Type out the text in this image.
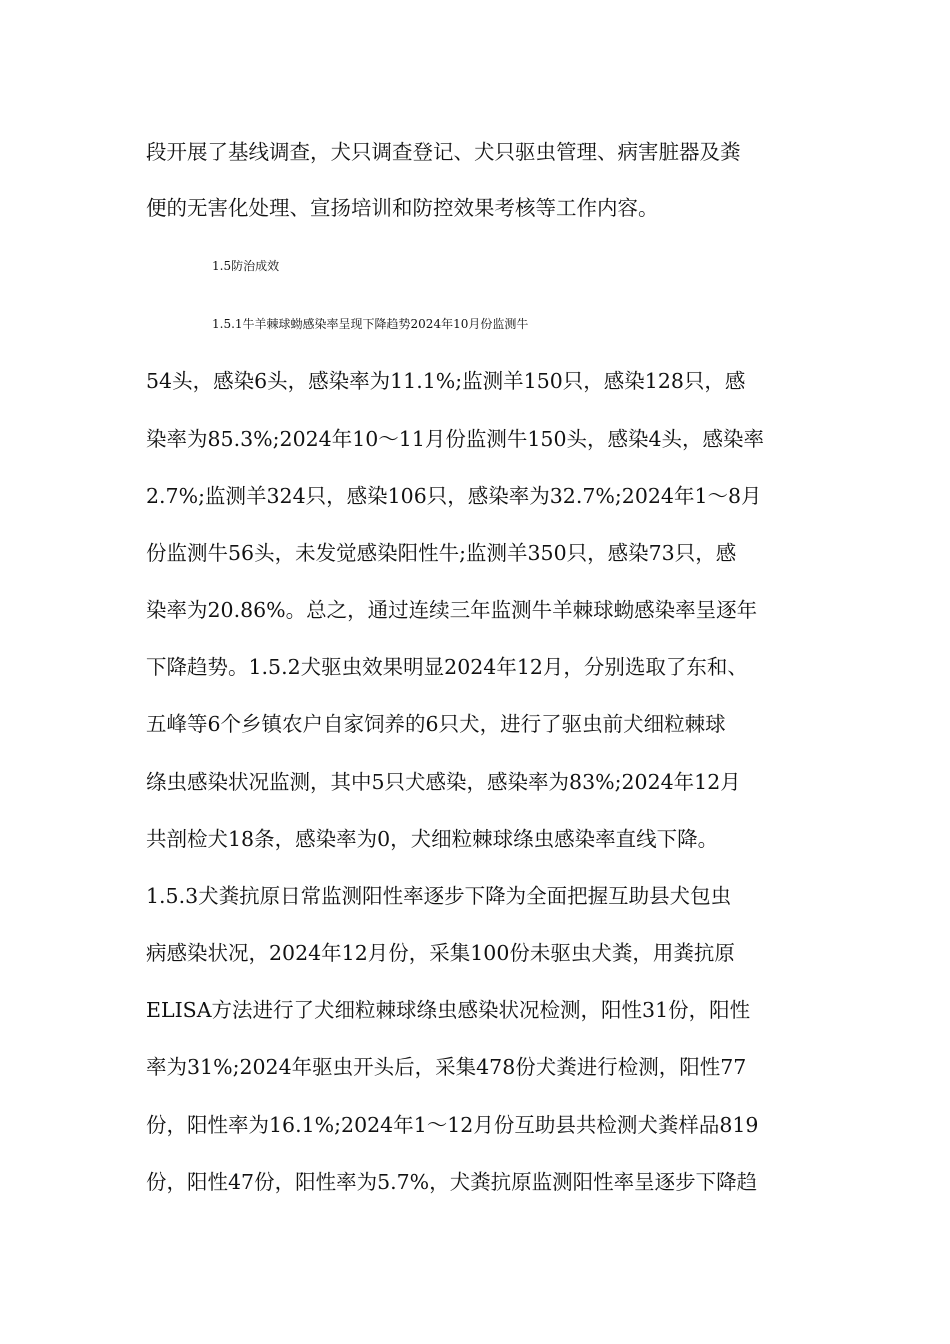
段开展了基线调查，犬只调查登记、犬只驱虫管理、病害脏器及粪
便的无害化处理、宣扬培训和防控效果考核等工作内容。
1.5防治成效
1.5.1牛羊棘球蚴感染率呈现下降趋势2024年10月份监测牛
54头，感染6头，感染率为11.1%;监测羊150只，感染128只，感
染率为85.3%;2024年10～11月份监测牛150头，感染4头，感染率
2.7%;监测羊324只，感染106只，感染率为32.7%;2024年1～8月
份监测牛56头，未发觉感染阳性牛;监测羊350只，感染73只，感
染率为20.86%。总之，通过连续三年监测牛羊棘球蚴感染率呈逐年
下降趋势。1.5.2犬驱虫效果明显2024年12月，分别选取了东和、
五峰等6个乡镇农户自家饲养的6只犬，进行了驱虫前犬细粒棘球
绦虫感染状况监测，其中5只犬感染，感染率为83%;2024年12月
共剖检犬18条，感染率为0，犬细粒棘球绦虫感染率直线下降。
1.5.3犬粪抗原日常监测阳性率逐步下降为全面把握互助县犬包虫
病感染状况，2024年12月份，采集100份未驱虫犬粪，用粪抗原
ELISA方法进行了犬细粒棘球绦虫感染状况检测，阳性31份，阳性
率为31%;2024年驱虫开头后，采集478份犬粪进行检测，阳性77
份，阳性率为16.1%;2024年1～12月份互助县共检测犬粪样品819
份，阳性47份，阳性率为5.7%，犬粪抗原监测阳性率呈逐步下降趋
